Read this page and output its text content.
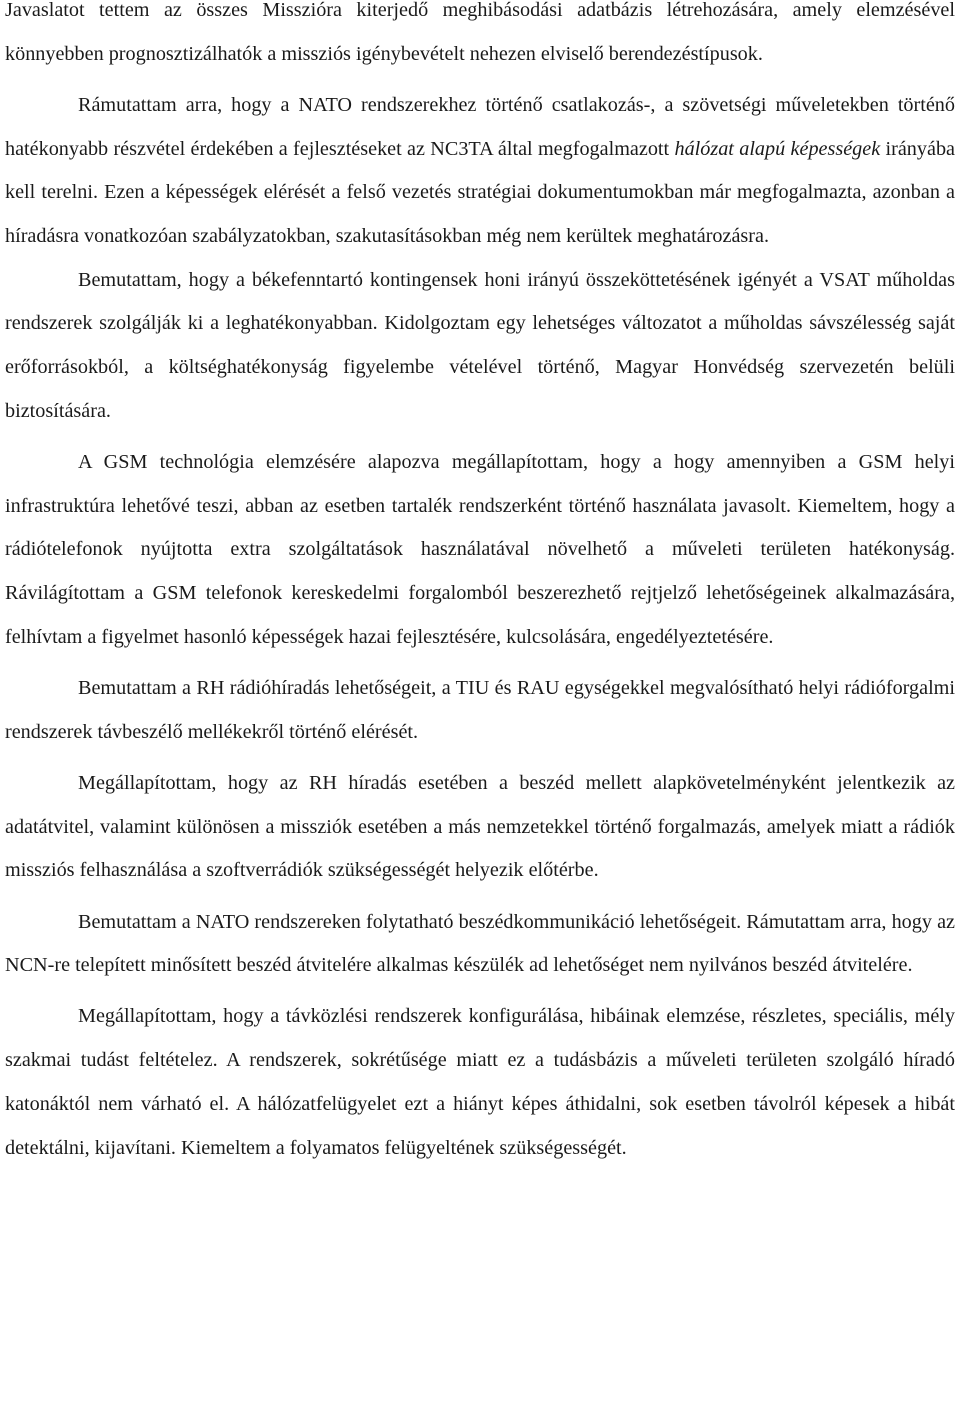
Javaslatot tettem az összes Misszióra kiterjedő meghibásodási adatbázis létrehozására, amely elemzésével könnyebben prognosztizálhatók a missziós igénybevételt nehezen elviselő berendezéstípusok.

Rámutattam arra, hogy a NATO rendszerekhez történő csatlakozás-, a szövetségi műveletekben történő hatékonyabb részvétel érdekében a fejlesztéseket az NC3TA által megfogalmazott hálózat alapú képességek irányába kell terelni. Ezen a képességek elérését a felső vezetés stratégiai dokumentumokban már megfogalmazta, azonban a híradásra vonatkozóan szabályzatokban, szakutasításokban még nem kerültek meghatározásra.

Bemutattam, hogy a békefenntartó kontingensek honi irányú összeköttetésének igényét a VSAT műholdas rendszerek szolgálják ki a leghatékonyabban. Kidolgoztam egy lehetséges változatot a műholdas sávszélesség saját erőforrásokból, a költséghatékonyság figyelembe vételével történő, Magyar Honvédség szervezetén belüli biztosítására.

A GSM technológia elemzésére alapozva megállapítottam, hogy a hogy amennyiben a GSM helyi infrastruktúra lehetővé teszi, abban az esetben tartalék rendszerként történő használata javasolt. Kiemeltem, hogy a rádiótelefonok nyújtotta extra szolgáltatások használatával növelhető a műveleti területen hatékonyság. Rávilágítottam a GSM telefonok kereskedelmi forgalomból beszerezhető rejtjelző lehetőségeinek alkalmazására, felhívtam a figyelmet hasonló képességek hazai fejlesztésére, kulcsolására, engedélyeztetésére.

Bemutattam a RH rádióhíradás lehetőségeit, a TIU és RAU egységekkel megvalósítható helyi rádióforgalmi rendszerek távbeszélő mellékekről történő elérését.

Megállapítottam, hogy az RH híradás esetében a beszéd mellett alapkövetelményként jelentkezik az adatátvitel, valamint különösen a missziók esetében a más nemzetekkel történő forgalmazás, amelyek miatt a rádiók missziós felhasználása a szoftverrádiók szükségességét helyezik előtérbe.

Bemutattam a NATO rendszereken folytatható beszédkommunikáció lehetőségeit. Rámutattam arra, hogy az NCN-re telepített minősített beszéd átvitelére alkalmas készülék ad lehetőséget nem nyilvános beszéd átvitelére.

Megállapítottam, hogy a távközlési rendszerek konfigurálása, hibáinak elemzése, részletes, speciális, mély szakmai tudást feltételez. A rendszerek, sokrétűsége miatt ez a tudásbázis a műveleti területen szolgáló híradó katonáktól nem várható el. A hálózatfelügyelet ezt a hiányt képes áthidalni, sok esetben távolról képesek a hibát detektálni, kijavítani. Kiemeltem a folyamatos felügyeltének szükségességét.
